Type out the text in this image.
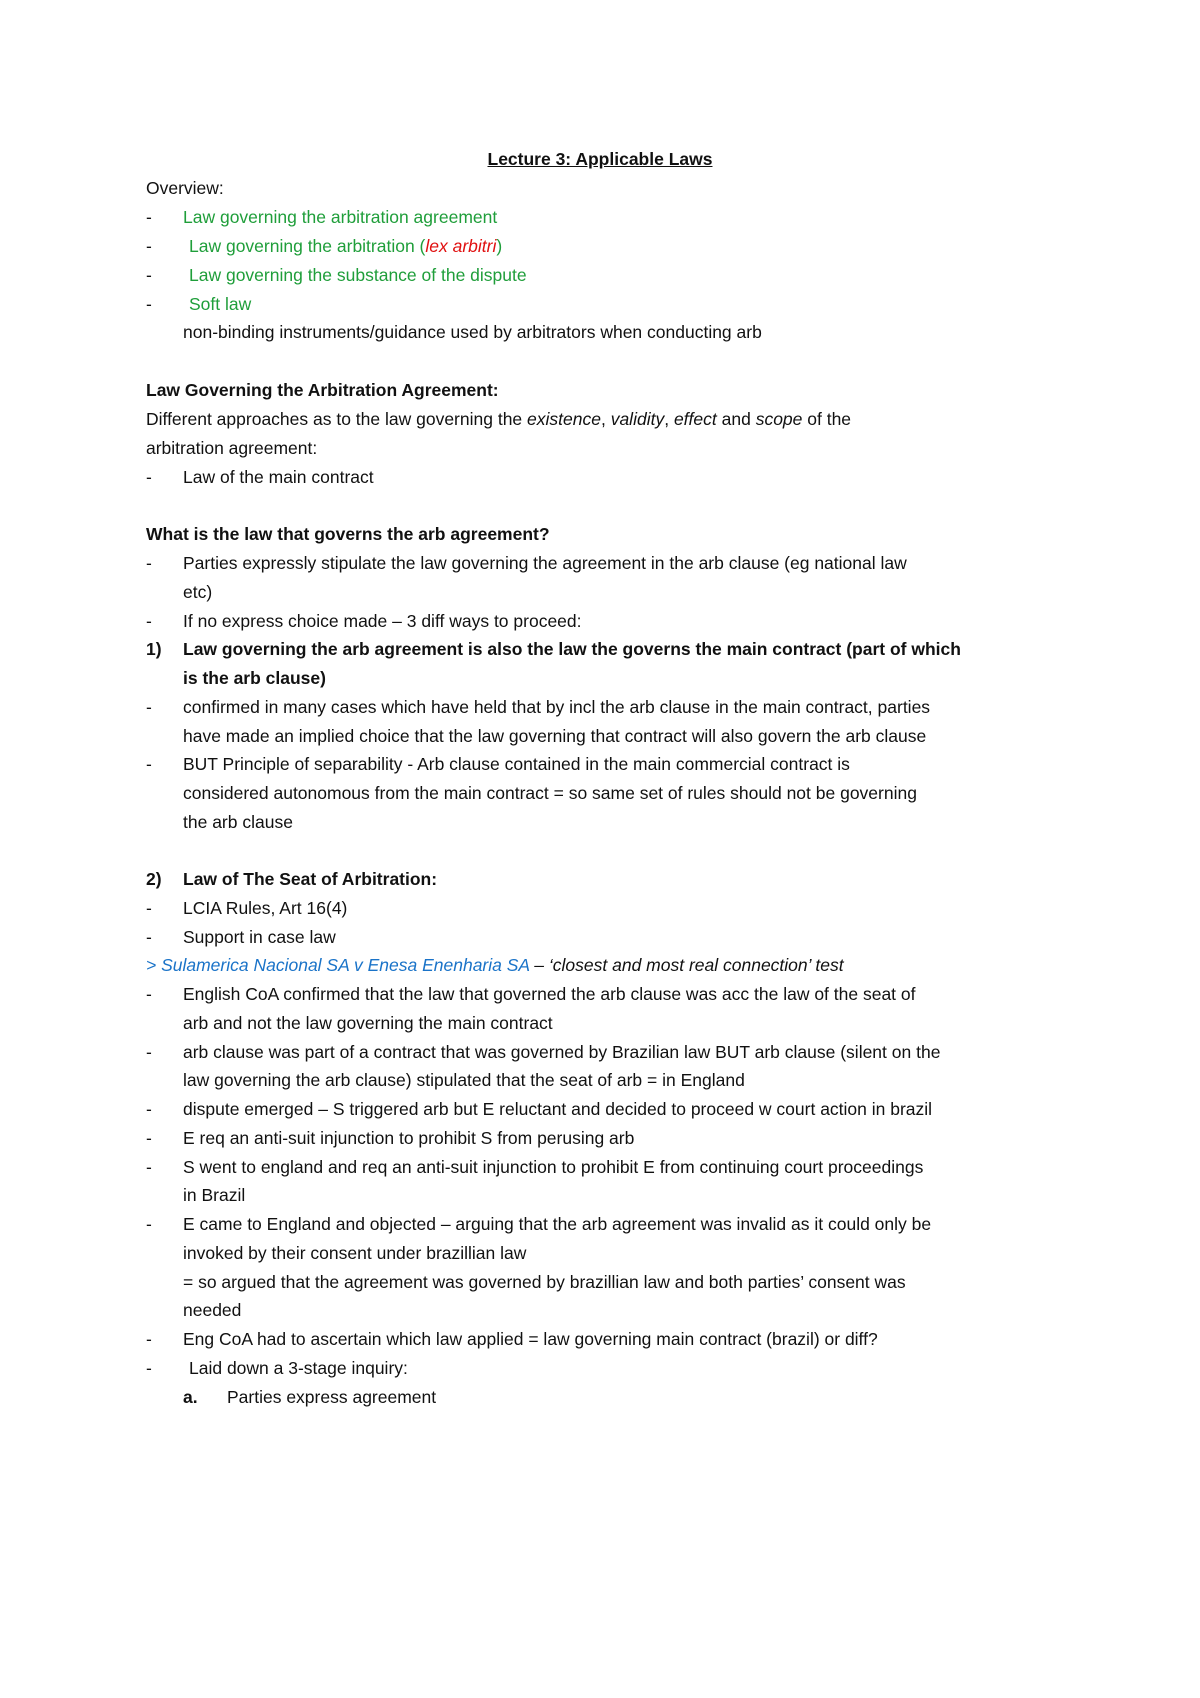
Lecture 3: Applicable Laws
Overview:
- Law governing the arbitration agreement
- Law governing the arbitration (lex arbitri)
- Law governing the substance of the dispute
- Soft law
non-binding instruments/guidance used by arbitrators when conducting arb
Law Governing the Arbitration Agreement:
Different approaches as to the law governing the existence, validity, effect and scope of the
arbitration agreement:
- Law of the main contract
What is the law that governs the arb agreement?
- Parties expressly stipulate the law governing the agreement in the arb clause (eg national law
etc)
- If no express choice made – 3 diff ways to proceed:
1) Law governing the arb agreement is also the law the governs the main contract (part of which
is the arb clause)
- confirmed in many cases which have held that by incl the arb clause in the main contract, parties
have made an implied choice that the law governing that contract will also govern the arb clause
- BUT Principle of separability - Arb clause contained in the main commercial contract is
considered autonomous from the main contract = so same set of rules should not be governing
the arb clause
2) Law of The Seat of Arbitration:
- LCIA Rules, Art 16(4)
- Support in case law
> Sulamerica Nacional SA v Enesa Enenharia SA – ‘closest and most real connection’ test
- English CoA confirmed that the law that governed the arb clause was acc the law of the seat of
arb and not the law governing the main contract
- arb clause was part of a contract that was governed by Brazilian law BUT arb clause (silent on the
law governing the arb clause) stipulated that the seat of arb = in England
- dispute emerged – S triggered arb but E reluctant and decided to proceed w court action in brazil
- E req an anti-suit injunction to prohibit S from perusing arb
- S went to england and req an anti-suit injunction to prohibit E from continuing court proceedings
in Brazil
- E came to England and objected – arguing that the arb agreement was invalid as it could only be
invoked by their consent under brazillian law
= so argued that the agreement was governed by brazillian law and both parties’ consent was
needed
- Eng CoA had to ascertain which law applied = law governing main contract (brazil) or diff?
- Laid down a 3-stage inquiry:
a. Parties express agreement
